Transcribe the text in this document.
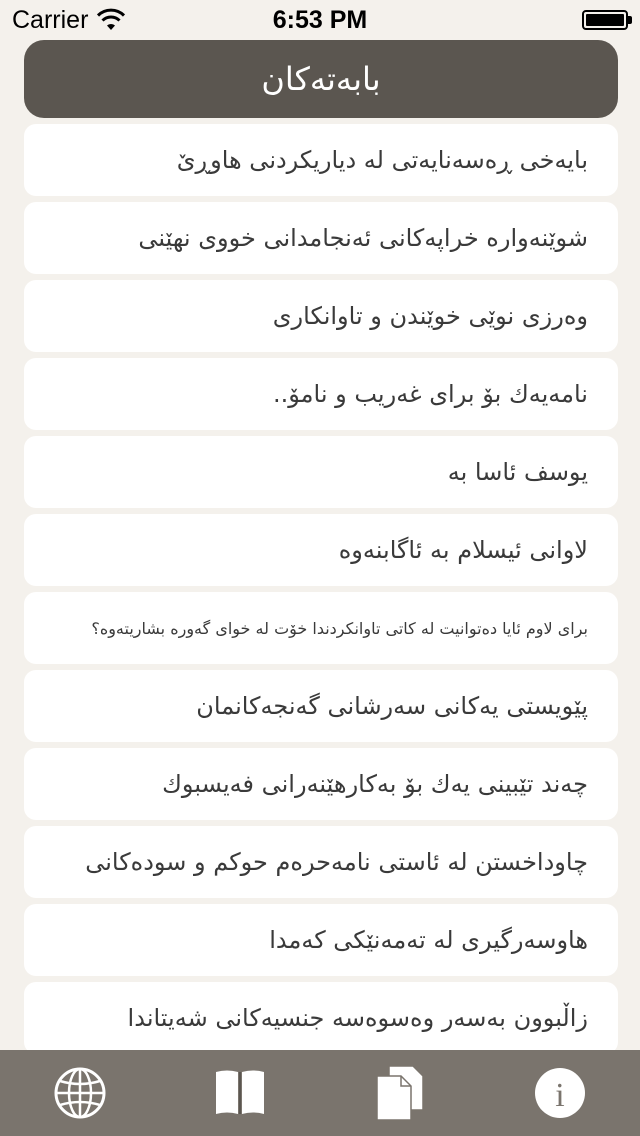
Carrier	6:53 PM
بابەتەکان
بایەخی ڕەسەنایەتی لە دیاریکردنی هاوڕێ
شوێنەوارە خراپەکانی ئەنجامدانی خووی نهێنی
وەرزی نوێی خوێندن و تاوانکاری
نامەیەك بۆ برای غەریب و نامۆ..
یوسف ئاسا بە
لاوانی ئیسلام بە ئاگابنەوە
برای لاوم ئایا دەتوانیت لە کاتی تاوانکردندا خۆت لە خوای گەورە بشاریتەوە؟
پێویستی یەکانی سەرشانی گەنجەکانمان
چەند تێبینی یەك بۆ بەکارهێنەرانی فەیسبوك
چاوداخستن لە ئاستی نامەحرەم حوکم و سودەکانی
هاوسەرگیری لە تەمەنێکی کەمدا
زاڵبوون بەسەر وەسوەسە جنسیەکانی شەیتاندا
i
